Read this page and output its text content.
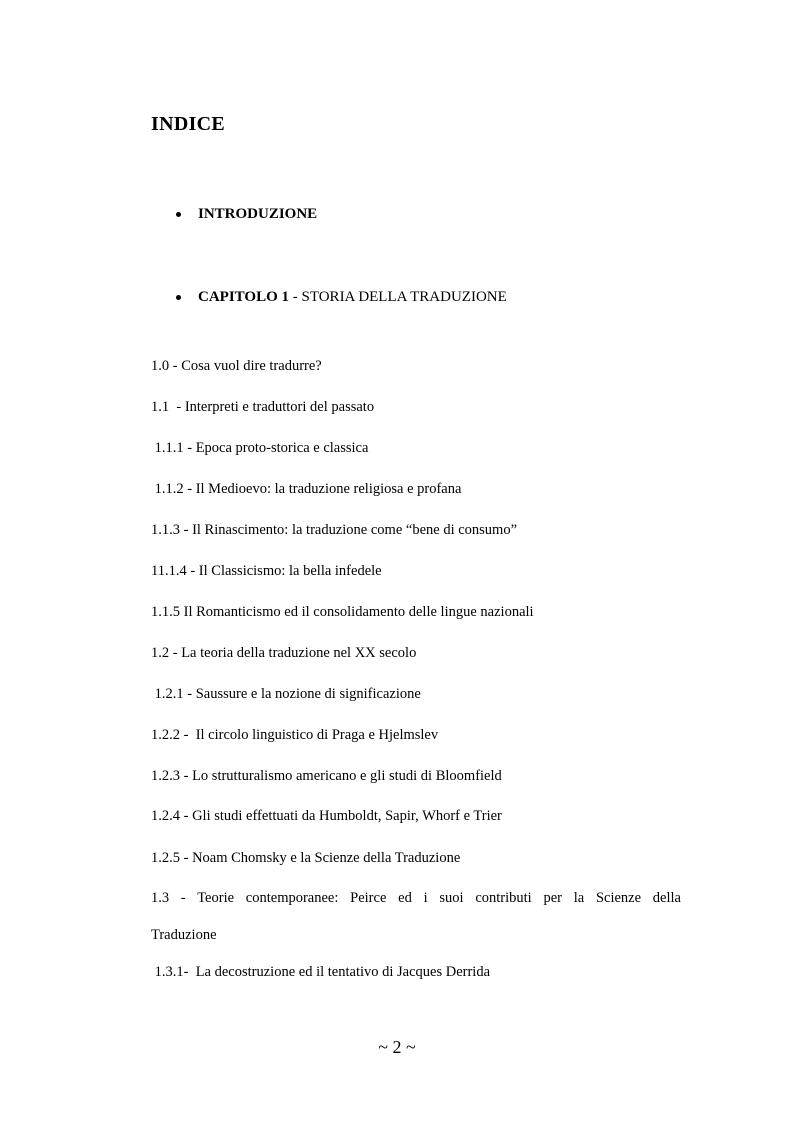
INDICE
INTRODUZIONE
CAPITOLO 1 - STORIA DELLA TRADUZIONE
1.0 - Cosa vuol dire tradurre?
1.1  - Interpreti e traduttori del passato
1.1.1 - Epoca proto-storica e classica
1.1.2 - Il Medioevo: la traduzione religiosa e profana
1.1.3 - Il Rinascimento: la traduzione come “bene di consumo”
11.1.4 - Il Classicismo: la bella infedele
1.1.5 Il Romanticismo ed il consolidamento delle lingue nazionali
1.2 - La teoria della traduzione nel XX secolo
1.2.1 - Saussure e la nozione di significazione
1.2.2 -  Il circolo linguistico di Praga e Hjelmslev
1.2.3 - Lo strutturalismo americano e gli studi di Bloomfield
1.2.4 - Gli studi effettuati da Humboldt, Sapir, Whorf e Trier
1.2.5 - Noam Chomsky e la Scienze della Traduzione
1.3 - Teorie contemporanee: Peirce ed i suoi contributi per la Scienze della
Traduzione
1.3.1-  La decostruzione ed il tentativo di Jacques Derrida
~ 2 ~
